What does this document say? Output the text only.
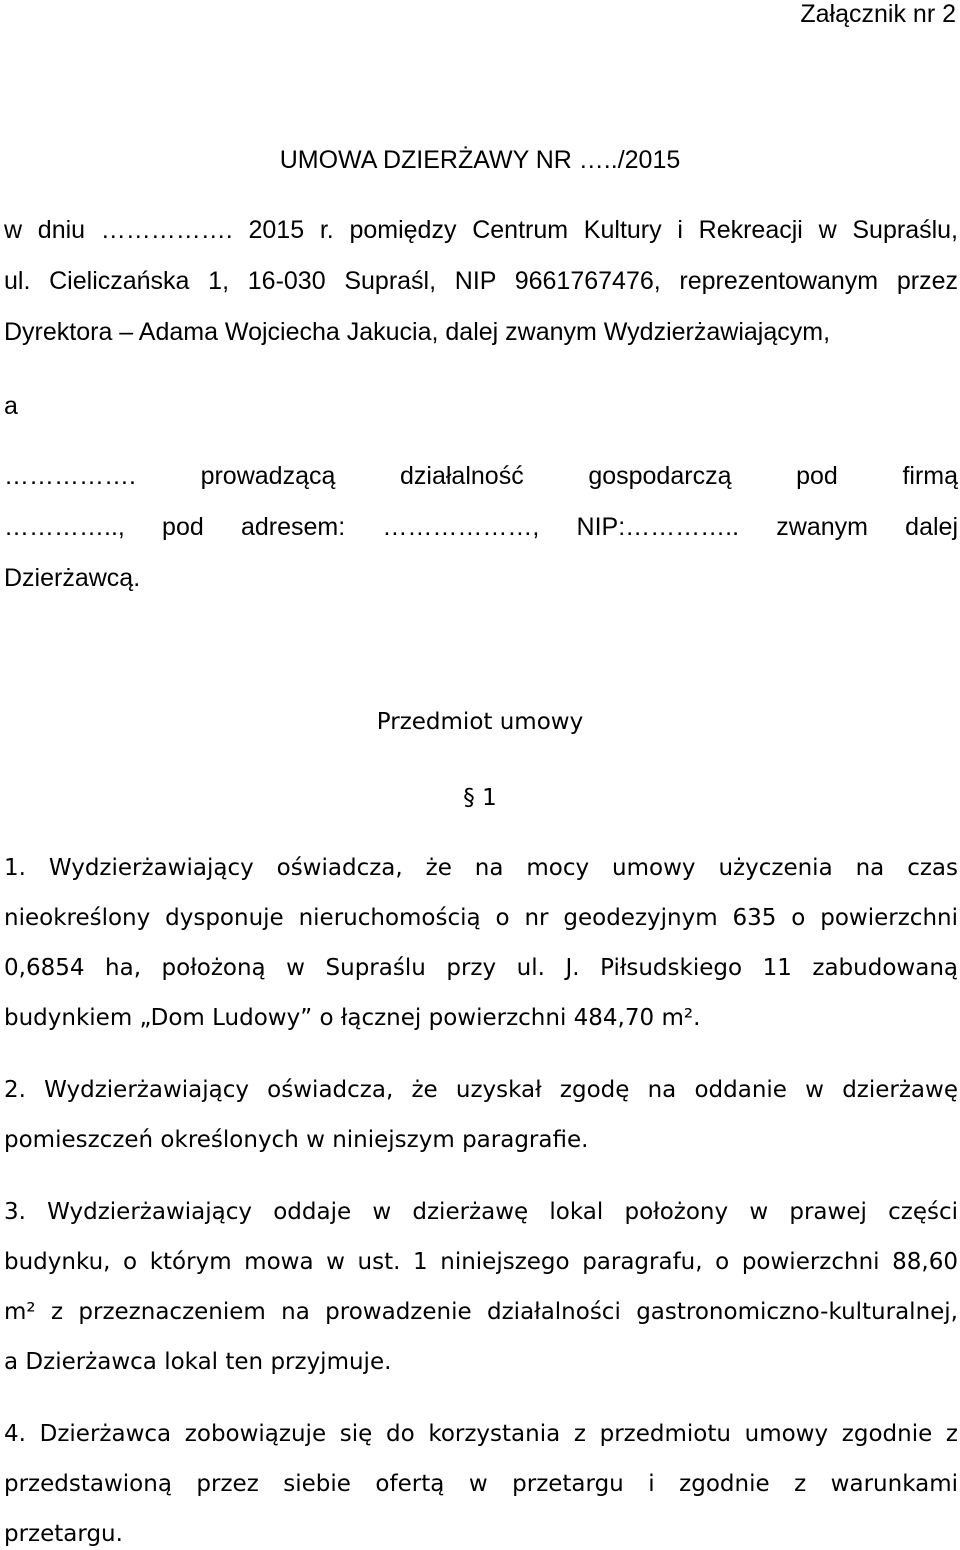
Załącznik nr 2
UMOWA DZIERŻAWY NR …../2015
w dniu ……………. 2015 r. pomiędzy Centrum Kultury i Rekreacji w Supraślu,
ul. Cieliczańska 1, 16-030 Supraśl, NIP 9661767476, reprezentowanym przez
Dyrektora – Adama Wojciecha Jakucia, dalej zwanym Wydzierżawiającym,
a
……………. prowadzącą działalność gospodarczą pod firmą
………….., pod adresem: ………………, NIP:………….. zwanym dalej
Dzierżawcą.
Przedmiot umowy
§ 1
1. Wydzierżawiający oświadcza, że na mocy umowy użyczenia na czas
nieokreślony dysponuje nieruchomością o nr geodezyjnym 635 o powierzchni
0,6854 ha, położoną w Supraślu przy ul. J. Piłsudskiego 11 zabudowaną
budynkiem „Dom Ludowy” o łącznej powierzchni 484,70 m².
2. Wydzierżawiający oświadcza, że uzyskał zgodę na oddanie w dzierżawę
pomieszczeń określonych w niniejszym paragrafie.
3. Wydzierżawiający oddaje w dzierżawę lokal położony w prawej części
budynku, o którym mowa w ust. 1 niniejszego paragrafu, o powierzchni 88,60
m² z przeznaczeniem na prowadzenie działalności gastronomiczno-kulturalnej,
a Dzierżawca lokal ten przyjmuje.
4. Dzierżawca zobowiązuje się do korzystania z przedmiotu umowy zgodnie z
przedstawioną przez siebie ofertą w przetargu i zgodnie z warunkami
przetargu.
